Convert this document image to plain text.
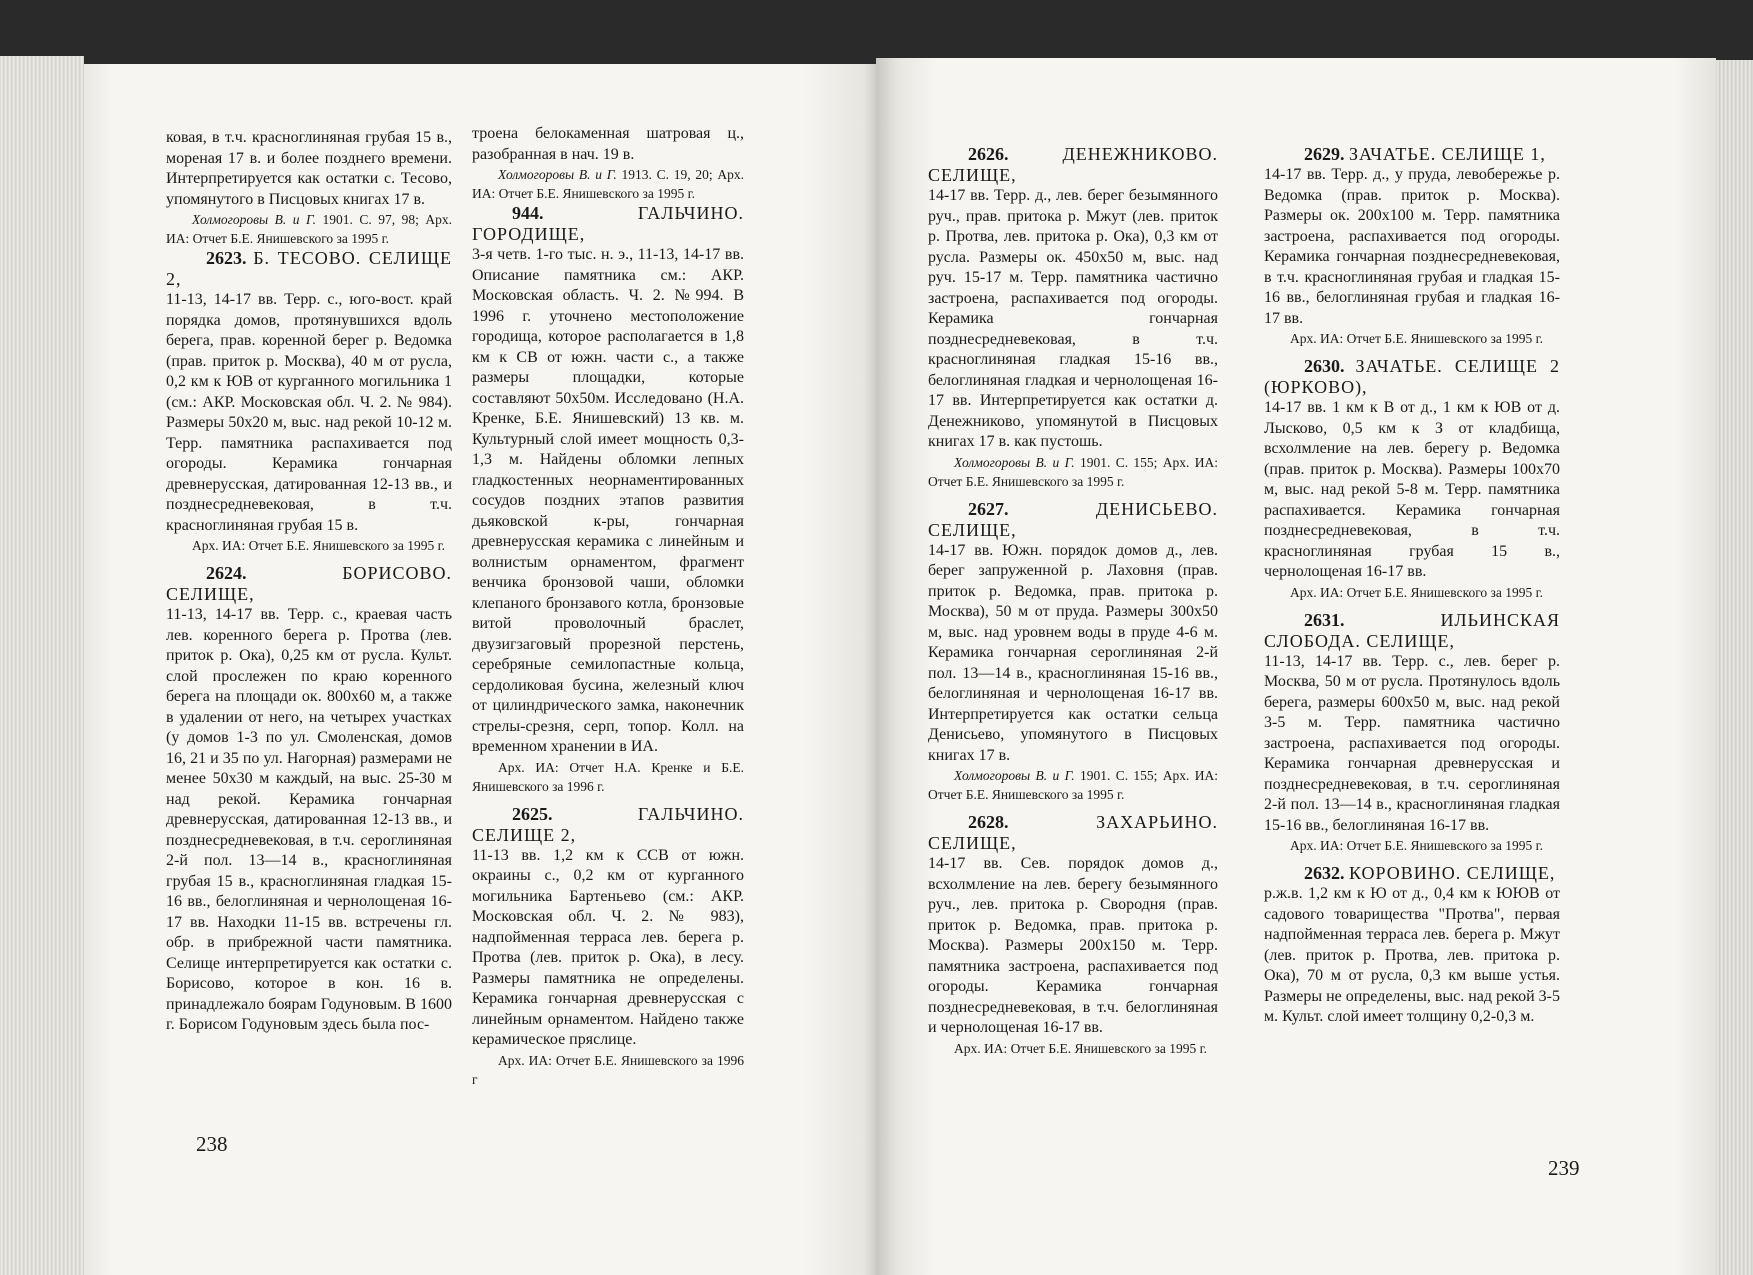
ковая, в т.ч. красноглиняная грубая 15 в., мореная 17 в. и более позднего времени. Интерпретируется как остатки с. Тесово, упомянутого в Писцовых книгах 17 в.

Холмогоровы В. и Г. 1901. С. 97, 98; Арх. ИА: Отчет Б.Е. Янишевского за 1995 г.

2623. Б. ТЕСОВО. СЕЛИЩЕ 2,

11-13, 14-17 вв. Терр. с., юго-вост. край порядка домов, протянувшихся вдоль берега, прав. коренной берег р. Ведомка (прав. приток р. Москва), 40 м от русла, 0,2 км к ЮВ от курганного могильника 1 (см.: АКР. Московская обл. Ч. 2. № 984). Размеры 50х20 м, выс. над рекой 10-12 м. Терр. памятника распахивается под огороды. Керамика гончарная древнерусская, датированная 12-13 вв., и позднесредневековая, в т.ч. красноглиняная грубая 15 в.

Арх. ИА: Отчет Б.Е. Янишевского за 1995 г.

2624.	БОРИСОВО. СЕЛИЩЕ,

11-13, 14-17 вв. Терр. с., краевая часть лев. коренного берега р. Протва (лев. приток р. Ока), 0,25 км от русла. Культ. слой прослежен по краю коренного берега на площади ок. 800х60 м, а также в удалении от него, на четырех участках (у домов 1-3 по ул. Смоленская, домов 16, 21 и 35 по ул. Нагорная) размерами не менее 50х30 м каждый, на выс. 25-30 м над рекой. Керамика гончарная древнерусская, датированная 12-13 вв., и позднесредневековая, в т.ч. сероглиняная 2-й пол. 13—14 в., красноглиняная грубая 15 в., красноглиняная гладкая 15-16 вв., белоглиняная и чернолощеная 16-17 вв. Находки 11-15 вв. встречены гл. обр. в прибрежной части памятника. Селище интерпретируется как остатки с. Борисово, которое в кон. 16 в. принадлежало боярам Годуновым. В 1600 г. Борисом Годуновым здесь была пос-

троена белокаменная шатровая ц., разобранная в нач. 19 в.

Холмогоровы В. и Г. 1913. С. 19, 20; Арх. ИА: Отчет Б.Е. Янишевского за 1995 г.

944.	ГАЛЬЧИНО. ГОРОДИЩЕ,

3-я четв. 1-го тыс. н. э., 11-13, 14-17 вв. Описание памятника см.: АКР. Московская область. Ч. 2. №994. В 1996 г. уточнено местоположение городища, которое располагается в 1,8 км к СВ от южн. части с., а также размеры площадки, которые составляют 50х50м. Исследовано (Н.А. Кренке, Б.Е. Янишевский) 13 кв. м. Культурный слой имеет мощность 0,3-1,3 м. Найдены обломки лепных гладкостенных неорнаментированных сосудов поздних этапов развития дьяковской к-ры, гончарная древнерусская керамика с линейным и волнистым орнаментом, фрагмент венчика бронзовой чаши, обломки клепаного бронзавого котла, бронзовые витой проволочный браслет, двузигзаговый прорезной перстень, серебряные семилопастные кольца, сердоликовая бусина, железный ключ от цилиндрического замка, наконечник стрелы-срезня, серп, топор. Колл. на временном хранении в ИА.

Арх. ИА: Отчет Н.А. Кренке и Б.Е. Янишевского за 1996 г.

2625.	ГАЛЬЧИНО. СЕЛИЩЕ 2,

11-13 вв. 1,2 км к ССВ от южн. окраины с., 0,2 км от курганного могильника Бартеньево (см.: АКР. Московская обл. Ч. 2. № 983), надпойменная терраса лев. берега р. Протва (лев. приток р. Ока), в лесу. Размеры памятника не определены. Керамика гончарная древнерусская с линейным орнаментом. Найдено также керамическое пряслице.

Арх. ИА: Отчет Б.Е. Янишевского за 1996 г

238

2626.	ДЕНЕЖНИКОВО. СЕЛИЩЕ,

14-17 вв. Терр. д., лев. берег безымянного руч., прав. притока р. Мжут (лев. приток р. Протва, лев. притока р. Ока), 0,3 км от русла. Размеры ок. 450х50 м, выс. над руч. 15-17 м. Терр. памятника частично застроена, распахивается под огороды. Керамика гончарная позднесредневековая, в т.ч. красноглиняная гладкая 15-16 вв., белоглиняная гладкая и чернолощеная 16-17 вв. Интерпретируется как остатки д. Денежниково, упомянутой в Писцовых книгах 17 в. как пустошь.

Холмогоровы В. и Г. 1901. С. 155; Арх. ИА: Отчет Б.Е. Янишевского за 1995 г.

2627.	ДЕНИСЬЕВО. СЕЛИЩЕ,

14-17 вв. Южн. порядок домов д., лев. берег запруженной р. Лаховня (прав. приток р. Ведомка, прав. притока р. Москва), 50 м от пруда. Размеры 300х50 м, выс. над уровнем воды в пруде 4-6 м. Керамика гончарная сероглиняная 2-й пол. 13—14 в., красноглиняная 15-16 вв., белоглиняная и чернолощеная 16-17 вв. Интерпретируется как остатки сельца Денисьево, упомянутого в Писцовых книгах 17 в.

Холмогоровы В. и Г. 1901. С. 155; Арх. ИА: Отчет Б.Е. Янишевского за 1995 г.

2628.	ЗАХАРЬИНО. СЕЛИЩЕ,

14-17 вв. Сев. порядок домов д., всхолмление на лев. берегу безымянного руч., лев. притока р. Свородня (прав. приток р. Ведомка, прав. притока р. Москва). Размеры 200х150 м. Терр. памятника застроена, распахивается под огороды. Керамика гончарная позднесредневековая, в т.ч. белоглиняная и чернолощеная 16-17 вв.

Арх. ИА: Отчет Б.Е. Янишевского за 1995 г.

2629. ЗАЧАТЬЕ. СЕЛИЩЕ 1,

14-17 вв. Терр. д., у пруда, левобережье р. Ведомка (прав. приток р. Москва). Размеры ок. 200х100 м. Терр. памятника застроена, распахивается под огороды. Керамика гончарная позднесредневековая, в т.ч. красноглиняная грубая и гладкая 15-16 вв., белоглиняная грубая и гладкая 16-17 вв.

Арх. ИА: Отчет Б.Е. Янишевского за 1995 г.

2630. ЗАЧАТЬЕ. СЕЛИЩЕ 2 (ЮРКОВО),

14-17 вв. 1 км к В от д., 1 км к ЮВ от д. Лысково, 0,5 км к З от кладбища, всхолмление на лев. берегу р. Ведомка (прав. приток р. Москва). Размеры 100х70 м, выс. над рекой 5-8 м. Терр. памятника распахивается. Керамика гончарная позднесредневековая, в т.ч. красноглиняная грубая 15 в., чернолощеная 16-17 вв.

Арх. ИА: Отчет Б.Е. Янишевского за 1995 г.

2631.	ИЛЬИНСКАЯ СЛОБОДА. СЕЛИЩЕ,

11-13, 14-17 вв. Терр. с., лев. берег р. Москва, 50 м от русла. Протянулось вдоль берега, размеры 600х50 м, выс. над рекой 3-5 м. Терр. памятника частично застроена, распахивается под огороды. Керамика гончарная древнерусская и позднесредневековая, в т.ч. сероглиняная 2-й пол. 13—14 в., красноглиняная гладкая 15-16 вв., белоглиняная 16-17 вв.

Арх. ИА: Отчет Б.Е. Янишевского за 1995 г.

2632. КОРОВИНО. СЕЛИЩЕ,

р.ж.в. 1,2 км к Ю от д., 0,4 км к ЮЮВ от садового товарищества "Протва", первая надпойменная терраса лев. берега р. Мжут (лев. приток р. Протва, лев. притока р. Ока), 70 м от русла, 0,3 км выше устья. Размеры не определены, выс. над рекой 3-5 м. Культ. слой имеет толщину 0,2-0,3 м.

239
